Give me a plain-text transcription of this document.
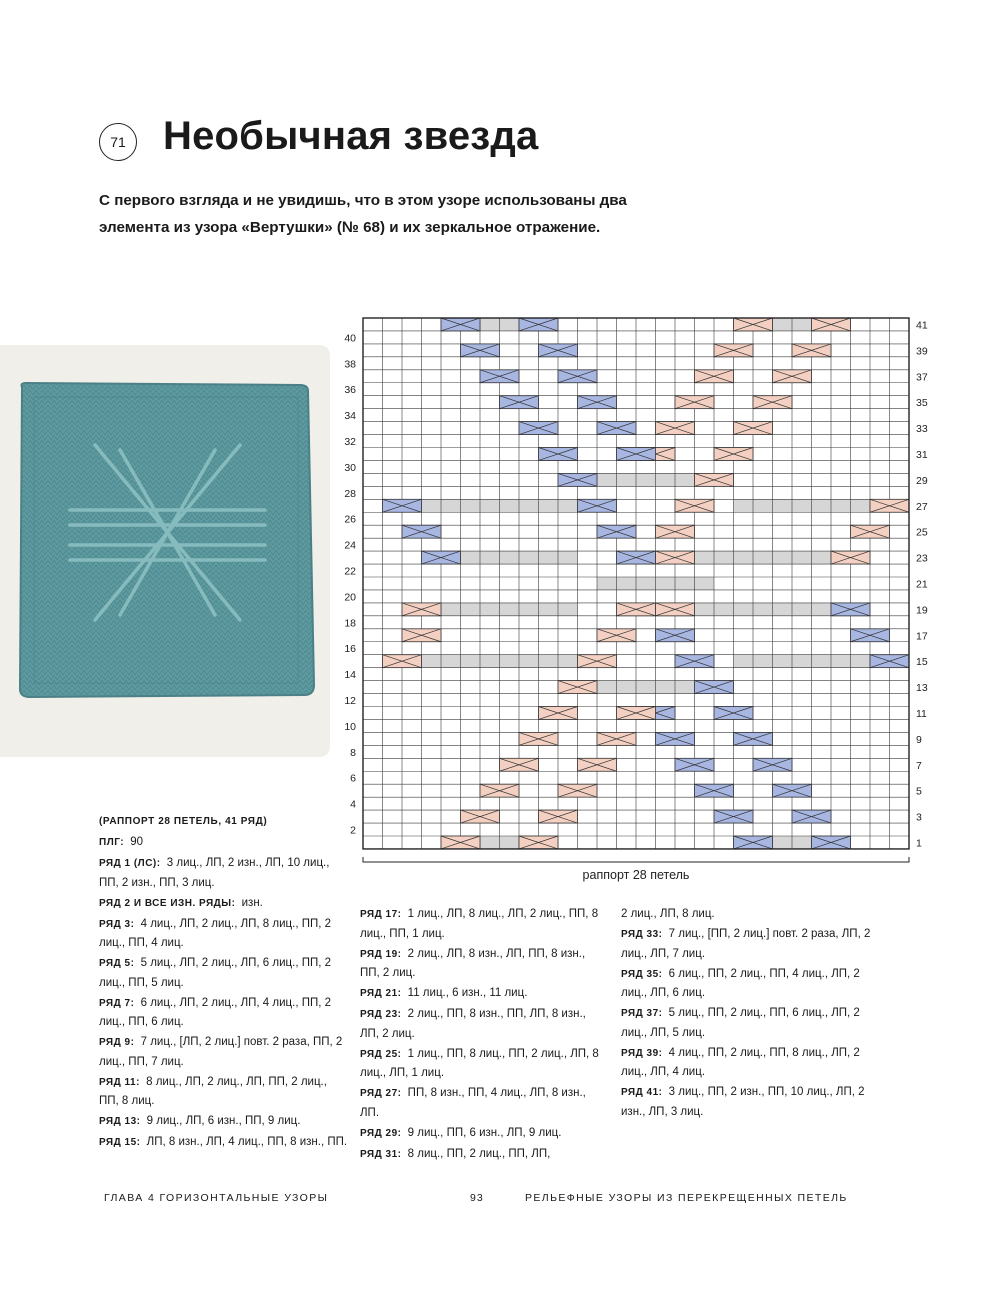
71 Необычная звезда
С первого взгляда и не увидишь, что в этом узоре использованы два
элемента из узора «Вертушки» (№ 68) и их зеркальное отражение.
2
4
6
8
10
12
14
16
18
20
22
24
26
28
30
32
34
36
38
40
1
3
5
7
9
11
13
15
17
19
21
23
25
27
29
31
33
35
37
39
41
раппорт 28 петель
(РАППОРТ 28 ПЕТЕЛЬ, 41 РЯД)
ПЛГ: 90
РЯД 1 (ЛС): 3 лиц., ЛП, 2 изн., ЛП, 10 лиц., ПП, 2 изн., ПП, 3 лиц.
РЯД 2 И ВСЕ ИЗН. РЯДЫ: изн.
РЯД 3: 4 лиц., ЛП, 2 лиц., ЛП, 8 лиц., ПП, 2 лиц., ПП, 4 лиц.
РЯД 5: 5 лиц., ЛП, 2 лиц., ЛП, 6 лиц., ПП, 2 лиц., ПП, 5 лиц.
РЯД 7: 6 лиц., ЛП, 2 лиц., ЛП, 4 лиц., ПП, 2 лиц., ПП, 6 лиц.
РЯД 9: 7 лиц., [ЛП, 2 лиц.] повт. 2 раза, ПП, 2 лиц., ПП, 7 лиц.
РЯД 11: 8 лиц., ЛП, 2 лиц., ЛП, ПП, 2 лиц., ПП, 8 лиц.
РЯД 13: 9 лиц., ЛП, 6 изн., ПП, 9 лиц.
РЯД 15: ЛП, 8 изн., ЛП, 4 лиц., ПП, 8 изн., ПП.
РЯД 17: 1 лиц., ЛП, 8 лиц., ЛП, 2 лиц., ПП, 8 лиц., ПП, 1 лиц.
РЯД 19: 2 лиц., ЛП, 8 изн., ЛП, ПП, 8 изн., ПП, 2 лиц.
РЯД 21: 11 лиц., 6 изн., 11 лиц.
РЯД 23: 2 лиц., ПП, 8 изн., ПП, ЛП, 8 изн., ЛП, 2 лиц.
РЯД 25: 1 лиц., ПП, 8 лиц., ПП, 2 лиц., ЛП, 8 лиц., ЛП, 1 лиц.
РЯД 27: ПП, 8 изн., ПП, 4 лиц., ЛП, 8 изн., ЛП.
РЯД 29: 9 лиц., ПП, 6 изн., ЛП, 9 лиц.
РЯД 31: 8 лиц., ПП, 2 лиц., ПП, ЛП,
2 лиц., ЛП, 8 лиц.
РЯД 33: 7 лиц., [ПП, 2 лиц.] повт. 2 раза, ЛП, 2 лиц., ЛП, 7 лиц.
РЯД 35: 6 лиц., ПП, 2 лиц., ПП, 4 лиц., ЛП, 2 лиц., ЛП, 6 лиц.
РЯД 37: 5 лиц., ПП, 2 лиц., ПП, 6 лиц., ЛП, 2 лиц., ЛП, 5 лиц.
РЯД 39: 4 лиц., ПП, 2 лиц., ПП, 8 лиц., ЛП, 2 лиц., ЛП, 4 лиц.
РЯД 41: 3 лиц., ПП, 2 изн., ПП, 10 лиц., ЛП, 2 изн., ЛП, 3 лиц.
ГЛАВА 4 ГОРИЗОНТАЛЬНЫЕ УЗОРЫ	93	РЕЛЬЕФНЫЕ УЗОРЫ ИЗ ПЕРЕКРЕЩЕННЫХ ПЕТЕЛЬ
